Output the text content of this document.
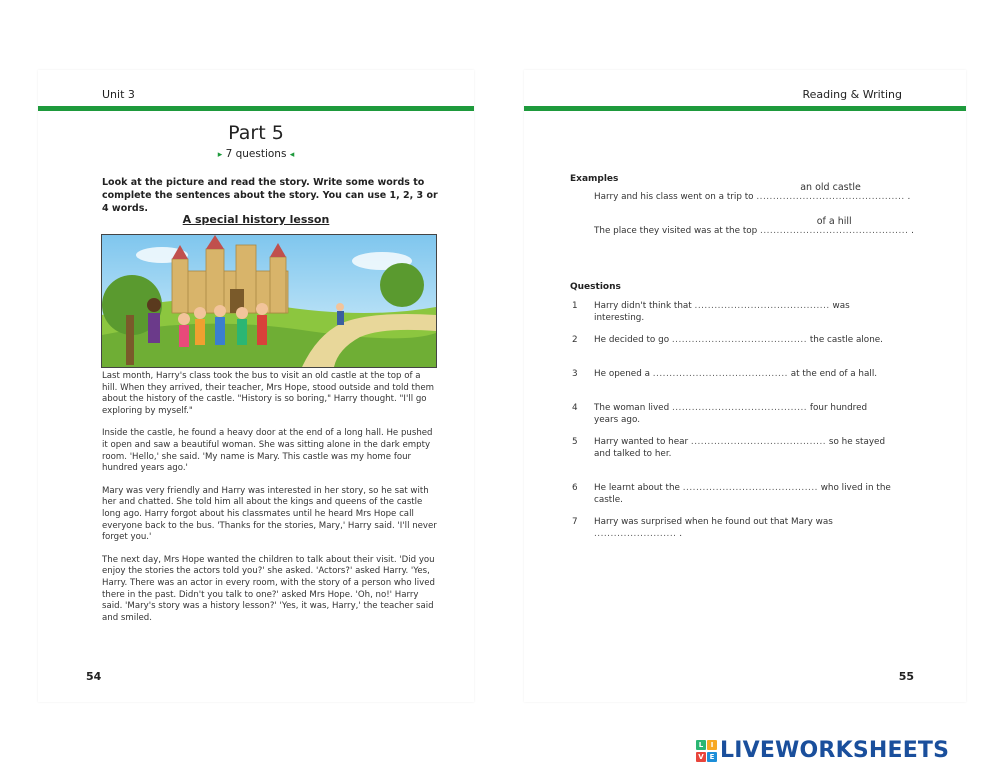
Unit 3
Part 5
▸ 7 questions ◂
Look at the picture and read the story. Write some words to complete the sentences about the story. You can use 1, 2, 3 or 4 words.
A special history lesson

Last month, Harry's class took the bus to visit an old castle at the top of a hill. When they arrived, their teacher, Mrs Hope, stood outside and told them about the history of the castle. "History is so boring," Harry thought. "I'll go exploring by myself."

Inside the castle, he found a heavy door at the end of a long hall. He pushed it open and saw a beautiful woman. She was sitting alone in the dark empty room. 'Hello,' she said. 'My name is Mary. This castle was my home four hundred years ago.'

Mary was very friendly and Harry was interested in her story, so he sat with her and chatted. She told him all about the kings and queens of the castle long ago. Harry forgot about his classmates until he heard Mrs Hope call everyone back to the bus. 'Thanks for the stories, Mary,' Harry said. 'I'll never forget you.'

The next day, Mrs Hope wanted the children to talk about their visit. 'Did you enjoy the stories the actors told you?' she asked. 'Actors?' asked Harry. 'Yes, Harry. There was an actor in every room, with the story of a person who lived there in the past. Didn't you talk to one?' asked Mrs Hope. 'Oh, no!' Harry said. 'Mary's story was a history lesson?' 'Yes, it was, Harry,' the teacher said and smiled.

54
Reading & Writing
Examples
Harry and his class went on a trip to .............................................
an old castle
.
The place they visited was at the top .............................................
of a hill
.
Questions
1	Harry didn't think that ......................................... was interesting.
2	He decided to go ......................................... the castle alone.
3	He opened a ......................................... at the end of a hall.
4	The woman lived ......................................... four hundred years ago.
5	Harry wanted to hear ......................................... so he stayed and talked to her.
6	He learnt about the ......................................... who lived in the castle.
7	Harry was surprised when he found out that Mary was ......................... .
55
L	I
V E LIVEWORKSHEETS
